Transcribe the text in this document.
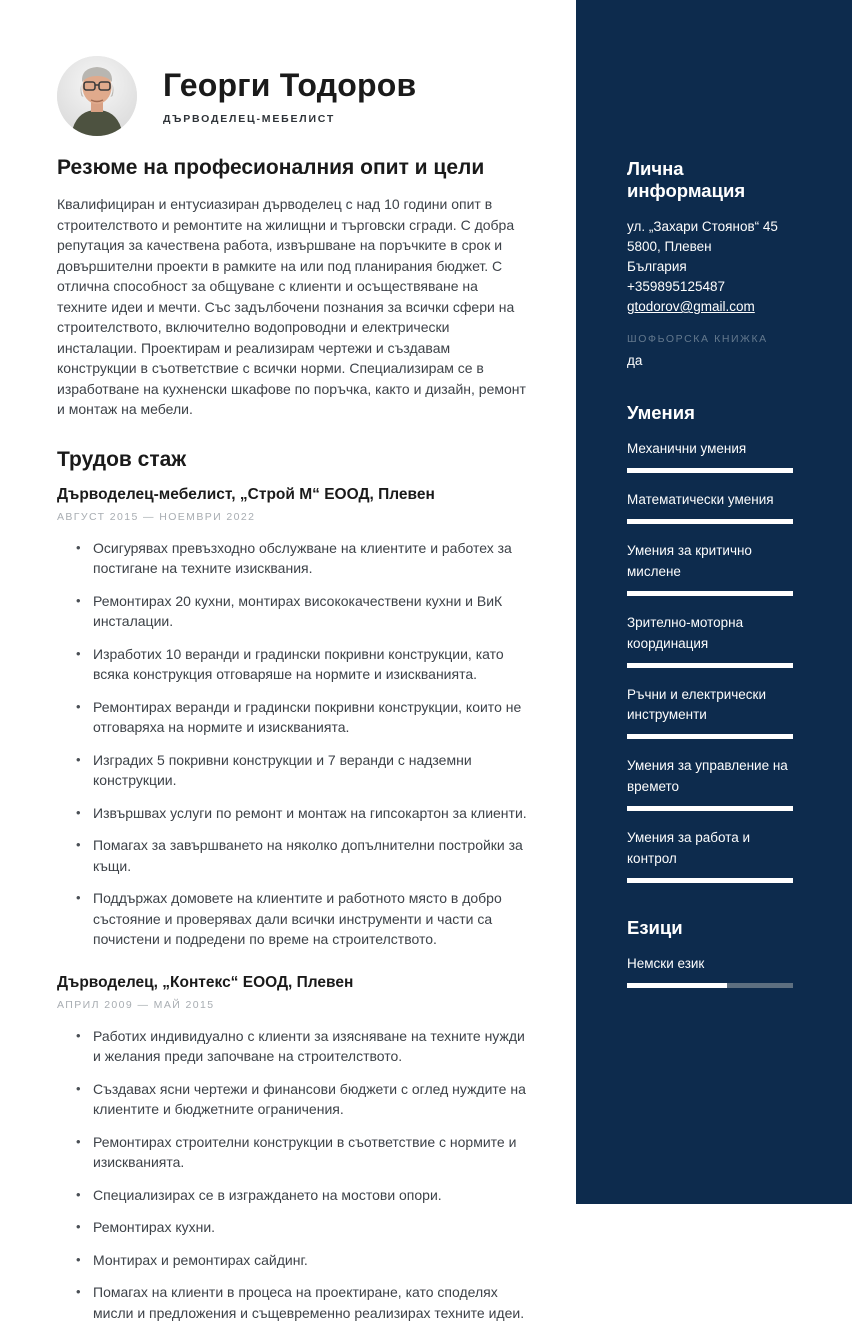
Георги Тодоров
ДЪРВОДЕЛЕЦ-МЕБЕЛИСТ
Резюме на професионалния опит и цели

Квалифициран и ентусиазиран дърводелец с над 10 години опит в строителството и ремонтите на жилищни и търговски сгради. С добра репутация за качествена работа, извършване на поръчките в срок и довършителни проекти в рамките на или под планирания бюджет. С отлична способност за общуване с клиенти и осъществяване на техните идеи и мечти. Със задълбочени познания за всички сфери на строителството, включително водопроводни и електрически инсталации. Проектирам и реализирам чертежи и създавам конструкции в съответствие с всички норми. Специализирам се в изработване на кухненски шкафове по поръчка, както и дизайн, ремонт и монтаж на мебели.

Трудов стаж
Дърводелец-мебелист, „Строй М“ ЕООД, Плевен
АВГУСТ 2015 — НОЕМВРИ 2022
• Осигурявах превъзходно обслужване на клиентите и работех за постигане на техните изисквания.
• Ремонтирах 20 кухни, монтирах висококачествени кухни и ВиК инсталации.
• Изработих 10 веранди и градински покривни конструкции, като всяка конструкция отговаряше на нормите и изискванията.
• Ремонтирах веранди и градински покривни конструкции, които не отговаряха на нормите и изискванията.
• Изградих 5 покривни конструкции и 7 веранди с надземни конструкции.
• Извършвах услуги по ремонт и монтаж на гипсокартон за клиенти.
• Помагах за завършването на няколко допълнителни постройки за къщи.
• Поддържах домовете на клиентите и работното място в добро състояние и проверявах дали всички инструменти и части са почистени и подредени по време на строителството.
Дърводелец, „Контекс“ ЕООД, Плевен
АПРИЛ 2009 — МАЙ 2015
• Работих индивидуално с клиенти за изясняване на техните нужди и желания преди започване на строителството.
• Създавах ясни чертежи и финансови бюджети с оглед нуждите на клиентите и бюджетните ограничения.
• Ремонтирах строителни конструкции в съответствие с нормите и изискванията.
• Специализирах се в изграждането на мостови опори.
• Ремонтирах кухни.
• Монтирах и ремонтирах сайдинг.
• Помагах на клиенти в процеса на проектиране, като споделях мисли и предложения и същевременно реализирах техните идеи.
Лична информация
ул. „Захари Стоянов“ 45
5800, Плевен
България
+359895125487
gtodorov@gmail.com
ШОФЬОРСКА КНИЖКА
да
Умения
Механични умения
Математически умения
Умения за критично мислене
Зрително-моторна координация
Ръчни и електрически инструменти
Умения за управление на времето
Умения за работа и контрол
Езици
Немски език
